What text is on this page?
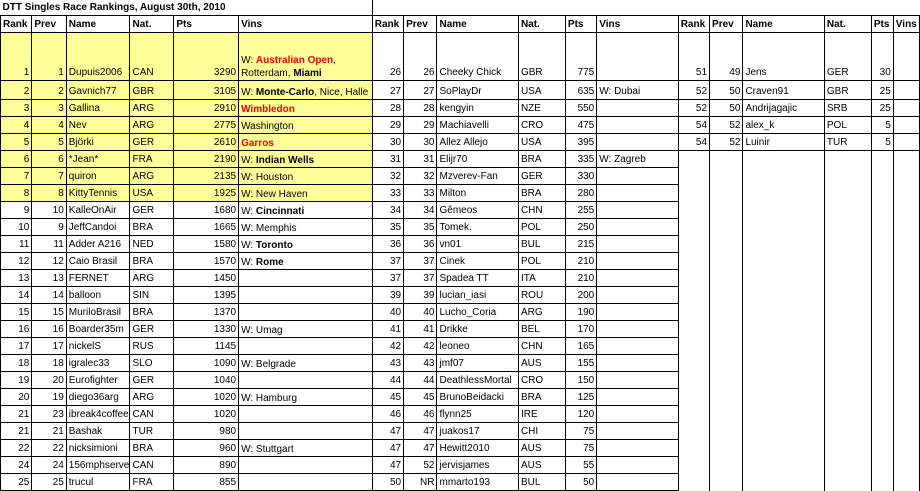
DTT Singles Race Rankings, August 30th, 2010																	
Rank	Prev	Name	Nat.	Pts	Vins	Rank	Prev	Name	Nat.	Pts	Vins	Rank	Prev	Name	Nat.	Pts	Vins
1	1	Dupuis2006	CAN	3290	W: Australian Open,
Rotterdam, Miami	26	26	Cheeky Chick	GBR	775		51	49	Jens	GER	30	
2	2	Gavnich77	GBR	3105	W: Monte-Carlo, Nice, Halle	27	27	SoPlayDr	USA	635	W: Dubai	52	50	Craven91	GBR	25	
3	3	Gallina	ARG	2910	Wimbledon	28	28	kengyin	NZE	550		52	50	Andrijagajic	SRB	25	
4	4	Nev	ARG	2775	Washington	29	29	Machiavelli	CRO	475		54	52	alex_k	POL	5	
5	5	Björki	GER	2610	Garros	30	30	Allez Allejo	USA	395		54	52	Luinir	TUR	5	
6	6	*Jean*	FRA	2190	W: Indian Wells	31	31	Elijr70	BRA	335	W: Zagreb						
7	7	quiron	ARG	2135	W: Houston	32	32	Mzverev-Fan	GER	330							
8	8	KittyTennis	USA	1925	W: New Haven	33	33	Milton	BRA	280							
9	10	KalleOnAir	GER	1680	W: Cincinnati	34	34	Gêmeos	CHN	255							
10	9	JeffCandoi	BRA	1665	W: Memphis	35	35	Tomek.	POL	250							
11	11	Adder A216	NED	1580	W: Toronto	36	36	vn01	BUL	215							
12	12	Caio Brasil	BRA	1570	W: Rome	37	37	Cinek	POL	210							
13	13	FERNET	ARG	1450		37	37	Spadea TT	ITA	210							
14	14	balloon	SIN	1395		39	39	lucian_iasi	ROU	200							
15	15	MuriloBrasil	BRA	1370		40	40	Lucho_Coria	ARG	190							
16	16	Boarder35m	GER	1330	W: Umag	41	41	Drikke	BEL	170							
17	17	nickelS	RUS	1145		42	42	leoneo	CHN	165							
18	18	igralec33	SLO	1090	W: Belgrade	43	43	jmf07	AUS	155							
19	20	Eurofighter	GER	1040		44	44	DeathlessMortal	CRO	150							
20	19	diego36arg	ARG	1020	W: Hamburg	45	45	BrunoBeidacki	BRA	125							
21	23	ibreak4coffee	CAN	1020		46	46	flynn25	IRE	120							
21	21	Bashak	TUR	980		47	47	juakos17	CHI	75							
22	22	nicksimioni	BRA	960	W: Stuttgart	47	47	Hewitt2010	AUS	75							
24	24	156mphserve	CAN	890		47	52	jervisjames	AUS	55							
25	25	trucul	FRA	855		50	NR	mmarto193	BUL	50							
